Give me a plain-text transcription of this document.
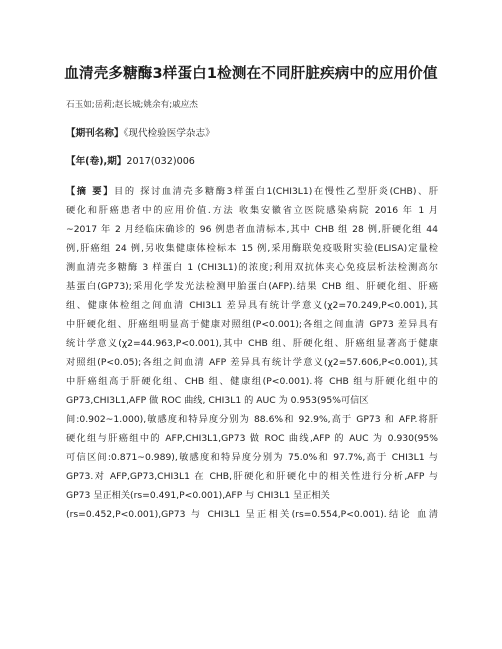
血清壳多糖酶3样蛋白1检测在不同肝脏疾病中的应用价值
石玉如;岳莉;赵长城;姚余有;戚应杰
【期刊名称】《现代检验医学杂志》
【年(卷),期】2017(032)006
【摘 要】目的 探讨血清壳多糖酶3样蛋白1(CHI3L1)在慢性乙型肝炎(CHB)、肝
硬化和肝癌患者中的应用价值.方法 收集安徽省立医院感染病院 2016 年 1 月
~2017 年 2 月经临床确诊的 96 例患者血清标本,其中 CHB 组 28 例,肝硬化组 44
例,肝癌组 24 例,另收集健康体检标本 15 例,采用酶联免疫吸附实验(ELISA)定量检
测血清壳多糖酶 3 样蛋白 1 (CHI3L1)的浓度;利用双抗体夹心免疫层析法检测高尔
基蛋白(GP73);采用化学发光法检测甲胎蛋白(AFP).结果 CHB 组、肝硬化组、肝癌
组、健康体检组之间血清 CHI3L1 差异具有统计学意义(χ2=70.249,P<0.001),其
中肝硬化组、肝癌组明显高于健康对照组(P<0.001);各组之间血清 GP73 差异具有
统计学意义(χ2=44.963,P<0.001),其中 CHB 组、肝硬化组、肝癌组显著高于健康
对照组(P<0.05);各组之间血清 AFP 差异具有统计学意义(χ2=57.606,P<0.001),其
中肝癌组高于肝硬化组、CHB 组、健康组(P<0.001).将 CHB 组与肝硬化组中的
GP73,CHI3L1,AFP 做 ROC 曲线, CHI3L1 的 AUC 为 0.953(95%可信区
间:0.902~1.000),敏感度和特异度分别为 88.6%和 92.9%,高于 GP73 和 AFP.将肝
硬化组与肝癌组中的 AFP,CHI3L1,GP73 做 ROC 曲线,AFP 的 AUC 为 0.930(95%
可信区间:0.871~0.989),敏感度和特异度分别为 75.0%和 97.7%,高于 CHI3L1 与
GP73.对 AFP,GP73,CHI3L1 在 CHB,肝硬化和肝硬化中的相关性进行分析,AFP 与
GP73 呈正相关(rs=0.491,P<0.001),AFP 与 CHI3L1 呈正相关
(rs=0.452,P<0.001),GP73 与 CHI3L1 呈正相关(rs=0.554,P<0.001).结论 血清
